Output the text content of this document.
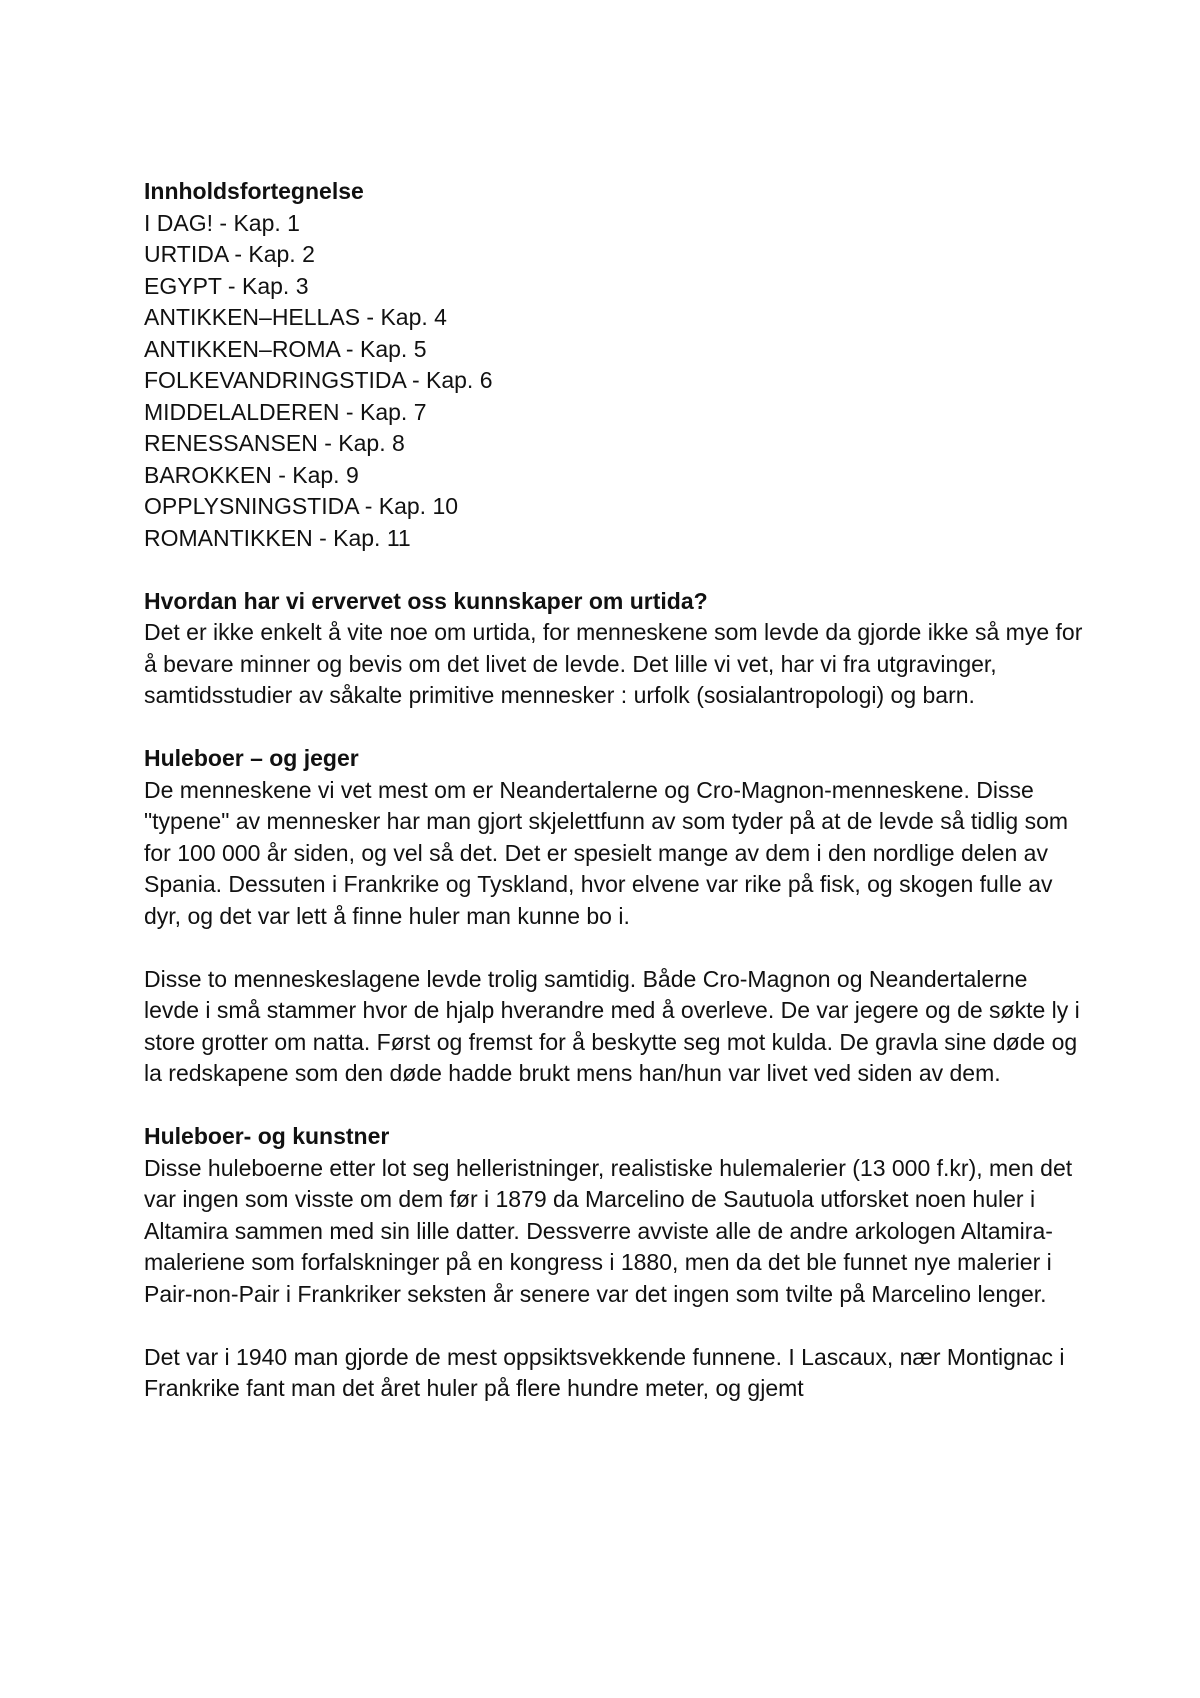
Innholdsfortegnelse

I DAG! - Kap. 1
URTIDA - Kap. 2
EGYPT - Kap. 3
ANTIKKEN–HELLAS - Kap. 4
ANTIKKEN–ROMA - Kap. 5
FOLKEVANDRINGSTIDA - Kap. 6
MIDDELALDEREN - Kap. 7
RENESSANSEN - Kap. 8
BAROKKEN - Kap. 9
OPPLYSNINGSTIDA - Kap. 10
ROMANTIKKEN - Kap. 11

Hvordan har vi ervervet oss kunnskaper om urtida?

Det er ikke enkelt å vite noe om urtida, for menneskene som levde da gjorde ikke så mye for å bevare minner og bevis om det livet de levde. Det lille vi vet, har vi fra utgravinger, samtidsstudier av såkalte primitive mennesker : urfolk (sosialantropologi) og barn.

Huleboer – og jeger

De menneskene vi vet mest om er Neandertalerne og Cro-Magnon-menneskene. Disse "typene" av mennesker har man gjort skjelettfunn av som tyder på at de levde så tidlig som for 100 000 år siden, og vel så det. Det er spesielt mange av dem i den nordlige delen av Spania. Dessuten i Frankrike og Tyskland, hvor elvene var rike på fisk, og skogen fulle av dyr, og det var lett å finne huler man kunne bo i.

Disse to menneskeslagene levde trolig samtidig. Både Cro-Magnon og Neandertalerne levde i små stammer hvor de hjalp hverandre med å overleve. De var jegere og de søkte ly i store grotter om natta. Først og fremst for å beskytte seg mot kulda. De gravla sine døde og la redskapene som den døde hadde brukt mens han/hun var livet ved siden av dem.

Huleboer- og kunstner

Disse huleboerne etter lot seg helleristninger, realistiske hulemalerier (13 000 f.kr), men det var ingen som visste om dem før i 1879 da Marcelino de Sautuola utforsket noen huler i Altamira sammen med sin lille datter. Dessverre avviste alle de andre arkologen Altamira-maleriene som forfalskninger på en kongress i 1880, men da det ble funnet nye malerier i Pair-non-Pair i Frankriker seksten år senere var det ingen som tvilte på Marcelino lenger.

Det var i 1940 man gjorde de mest oppsiktsvekkende funnene. I Lascaux, nær Montignac i Frankrike fant man det året huler på flere hundre meter, og gjemt
